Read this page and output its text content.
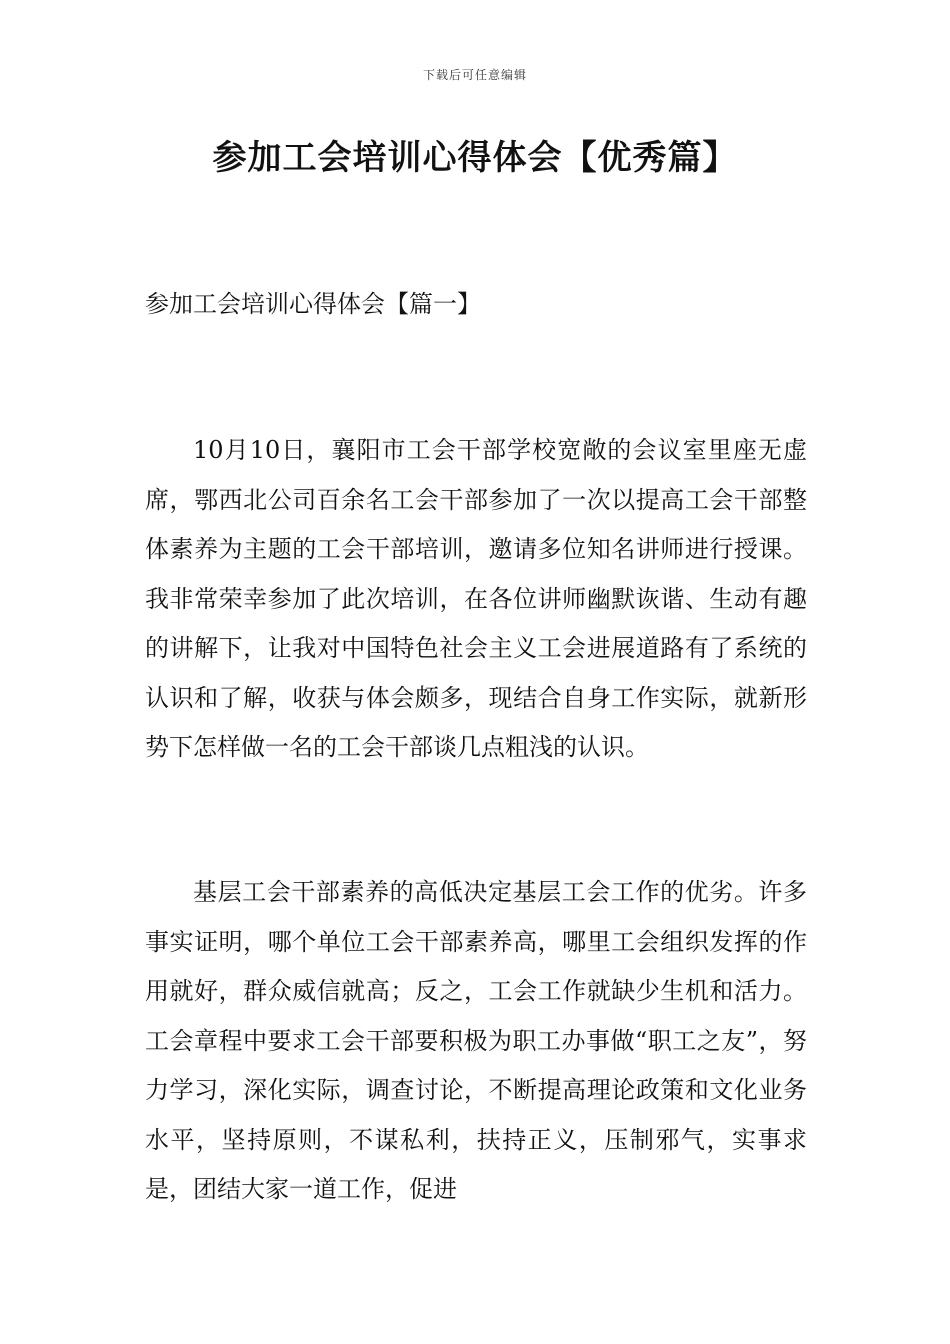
下载后可任意编辑
参加工会培训心得体会【优秀篇】
参加工会培训心得体会【篇一】

10月10日，襄阳市工会干部学校宽敞的会议室里座无虚席，鄂西北公司百余名工会干部参加了一次以提高工会干部整体素养为主题的工会干部培训，邀请多位知名讲师进行授课。我非常荣幸参加了此次培训，在各位讲师幽默诙谐、生动有趣的讲解下，让我对中国特色社会主义工会进展道路有了系统的认识和了解，收获与体会颇多，现结合自身工作实际，就新形势下怎样做一名的工会干部谈几点粗浅的认识。

基层工会干部素养的高低决定基层工会工作的优劣。许多事实证明，哪个单位工会干部素养高，哪里工会组织发挥的作用就好，群众威信就高；反之，工会工作就缺少生机和活力。工会章程中要求工会干部要积极为职工办事做“职工之友”，努力学习，深化实际，调查讨论，不断提高理论政策和文化业务水平，坚持原则，不谋私利，扶持正义，压制邪气，实事求是，团结大家一道工作，促进
